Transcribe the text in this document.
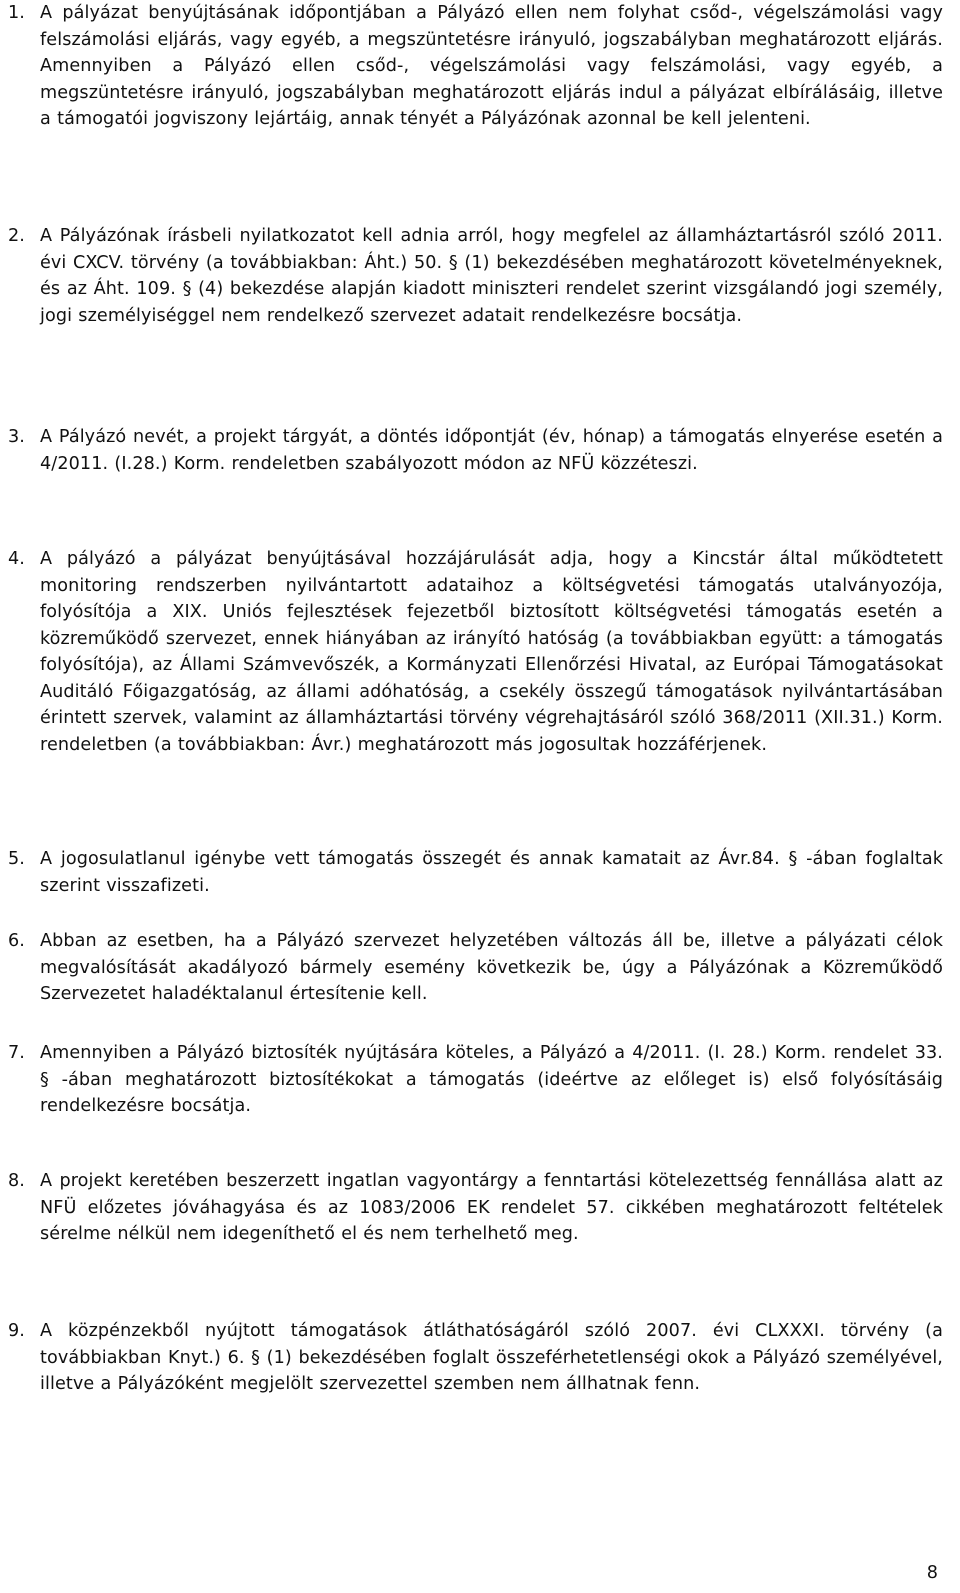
1. A pályázat benyújtásának időpontjában a Pályázó ellen nem folyhat csőd-, végelszámolási vagy felszámolási eljárás, vagy egyéb, a megszüntetésre irányuló, jogszabályban meghatározott eljárás. Amennyiben a Pályázó ellen csőd-, végelszámolási vagy felszámolási, vagy egyéb, a megszüntetésre irányuló, jogszabályban meghatározott eljárás indul a pályázat elbírálásáig, illetve a támogatói jogviszony lejártáig, annak tényét a Pályázónak azonnal be kell jelenteni.
2. A Pályázónak írásbeli nyilatkozatot kell adnia arról, hogy megfelel az államháztartásról szóló 2011. évi CXCV. törvény (a továbbiakban: Áht.) 50. § (1) bekezdésében meghatározott követelményeknek, és az Áht. 109. § (4) bekezdése alapján kiadott miniszteri rendelet szerint vizsgálandó jogi személy, jogi személyiséggel nem rendelkező szervezet adatait rendelkezésre bocsátja.
3. A Pályázó nevét, a projekt tárgyát, a döntés időpontját (év, hónap) a támogatás elnyerése esetén a 4/2011. (I.28.) Korm. rendeletben szabályozott módon az NFÜ közzéteszi.
4. A pályázó a pályázat benyújtásával hozzájárulását adja, hogy a Kincstár által működtetett monitoring rendszerben nyilvántartott adataihoz a költségvetési támogatás utalványozója, folyósítója a XIX. Uniós fejlesztések fejezetből biztosított költségvetési támogatás esetén a közreműködő szervezet, ennek hiányában az irányító hatóság (a továbbiakban együtt: a támogatás folyósítója), az Állami Számvevőszék, a Kormányzati Ellenőrzési Hivatal, az Európai Támogatásokat Auditáló Főigazgatóság, az állami adóhatóság, a csekély összegű támogatások nyilvántartásában érintett szervek, valamint az államháztartási törvény végrehajtásáról szóló 368/2011 (XII.31.) Korm. rendeletben (a továbbiakban: Ávr.) meghatározott más jogosultak hozzáférjenek.
5. A jogosulatlanul igénybe vett támogatás összegét és annak kamatait az Ávr.84. § -ában foglaltak szerint visszafizeti.
6. Abban az esetben, ha a Pályázó szervezet helyzetében változás áll be, illetve a pályázati célok megvalósítását akadályozó bármely esemény következik be, úgy a Pályázónak a Közreműködő Szervezetet haladéktalanul értesítenie kell.
7. Amennyiben a Pályázó biztosíték nyújtására köteles, a Pályázó a 4/2011. (I. 28.) Korm. rendelet 33. § -ában meghatározott biztosítékokat a támogatás (ideértve az előleget is) első folyósításáig rendelkezésre bocsátja.
8. A projekt keretében beszerzett ingatlan vagyontárgy a fenntartási kötelezettség fennállása alatt az NFÜ előzetes jóváhagyása és az 1083/2006 EK rendelet 57. cikkében meghatározott feltételek sérelme nélkül nem idegeníthető el és nem terhelhető meg.
9. A közpénzekből nyújtott támogatások átláthatóságáról szóló 2007. évi CLXXXI. törvény (a továbbiakban Knyt.) 6. § (1) bekezdésében foglalt összeférhetetlenségi okok a Pályázó személyével, illetve a Pályázóként megjelölt szervezettel szemben nem állhatnak fenn.
8
